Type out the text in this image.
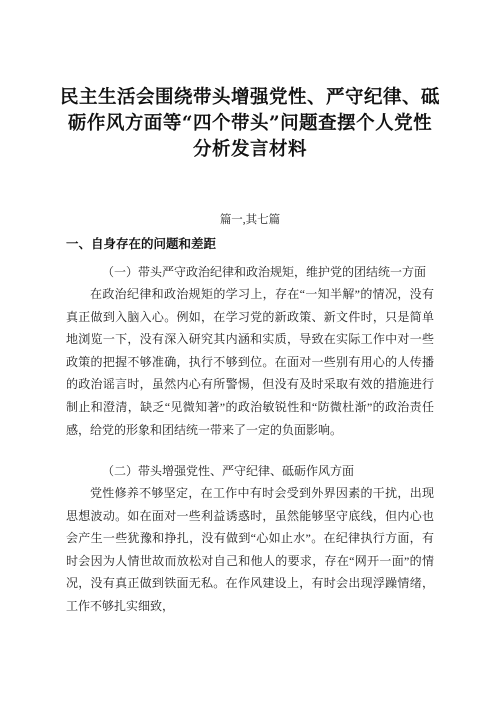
民主生活会围绕带头增强党性、严守纪律、砥
砺作风方面等“四个带头”问题查摆个人党性
分析发言材料

篇一,其七篇

一、自身存在的问题和差距

（一）带头严守政治纪律和政治规矩，维护党的团结统一方面

在政治纪律和政治规矩的学习上，存在“一知半解”的情况，没有真正做到入脑入心。例如，在学习党的新政策、新文件时，只是简单地浏览一下，没有深入研究其内涵和实质，导致在实际工作中对一些政策的把握不够准确，执行不够到位。在面对一些别有用心的人传播的政治谣言时，虽然内心有所警惕，但没有及时采取有效的措施进行制止和澄清，缺乏“见微知著”的政治敏锐性和“防微杜渐”的政治责任感，给党的形象和团结统一带来了一定的负面影响。

（二）带头增强党性、严守纪律、砥砺作风方面

党性修养不够坚定，在工作中有时会受到外界因素的干扰，出现思想波动。如在面对一些利益诱惑时，虽然能够坚守底线，但内心也会产生一些犹豫和挣扎，没有做到“心如止水”。在纪律执行方面，有时会因为人情世故而放松对自己和他人的要求，存在“网开一面”的情况，没有真正做到铁面无私。在作风建设上，有时会出现浮躁情绪，工作不够扎实细致，
